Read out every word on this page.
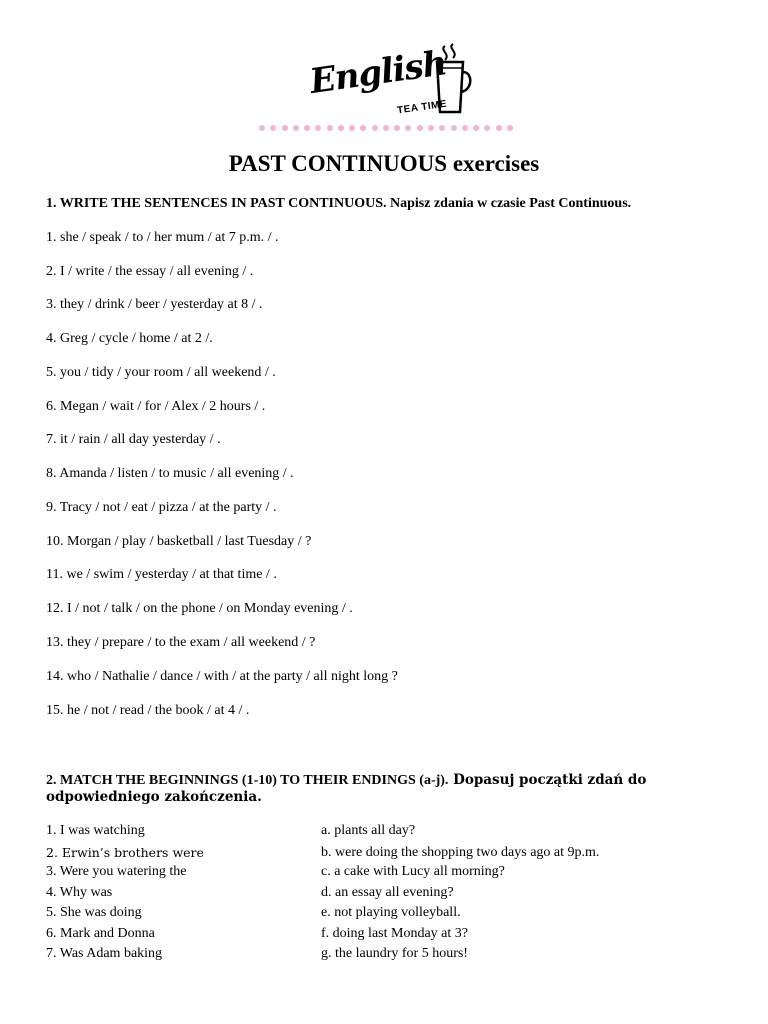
English
TEA TIME
PAST CONTINUOUS exercises
1. WRITE THE SENTENCES IN PAST CONTINUOUS. Napisz zdania w czasie Past Continuous.
1. she / speak / to / her mum / at 7 p.m. / .
2. I / write / the essay / all evening / .
3. they / drink / beer / yesterday at 8 / .
4. Greg / cycle / home / at 2 /.
5. you / tidy / your room / all weekend / .
6. Megan / wait / for / Alex / 2 hours / .
7. it / rain / all day yesterday / .
8. Amanda / listen / to music / all evening / .
9. Tracy / not / eat / pizza / at the party / .
10. Morgan / play / basketball / last Tuesday / ?
11. we / swim / yesterday / at that time / .
12. I / not / talk / on the phone / on Monday evening / .
13. they / prepare / to the exam / all weekend / ?
14. who / Nathalie / dance / with / at the party / all night long ?
15. he / not / read / the book / at 4 / .
2. MATCH THE BEGINNINGS (1-10) TO THEIR ENDINGS (a-j). Dopasuj początki zdań do odpowiedniego zakończenia.
1. I was watching
2. Erwin’s brothers were
3. Were you watering the
4. Why was
5. She was doing
6. Mark and Donna
7. Was Adam baking
a. plants all day?
b. were doing the shopping two days ago at 9p.m.
c. a cake with Lucy all morning?
d. an essay all evening?
e. not playing volleyball.
f. doing last Monday at 3?
g. the laundry for 5 hours!
